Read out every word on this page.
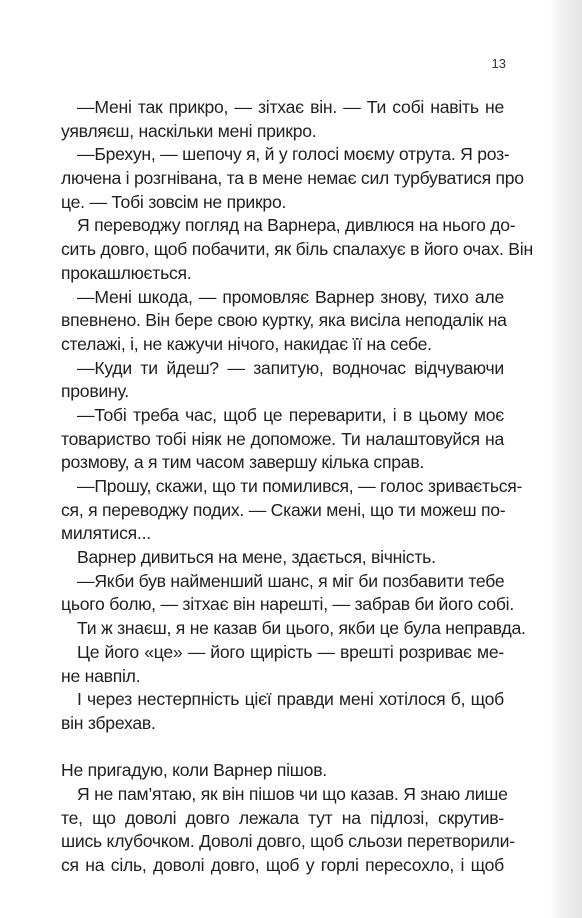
13
—Мені так прикро, — зітхає він. — Ти собі навіть не
уявляєш, наскільки мені прикро.
—Брехун, — шепочу я, й у голосі моєму отрута. Я роз-
лючена і розгнівана, та в мене немає сил турбуватися про
це. — Тобі зовсім не прикро.
Я переводжу погляд на Варнера, дивлюся на нього до-
сить довго, щоб побачити, як біль спалахує в його очах. Він
прокашлюється.
—Мені шкода, — промовляє Варнер знову, тихо але
впевнено. Він бере свою куртку, яка висіла неподалік на
стелажі, і, не кажучи нічого, накидає її на себе.
—Куди ти йдеш? — запитую, водночас відчуваючи
провину.
—Тобі треба час, щоб це переварити, і в цьому моє
товариство тобі ніяк не допоможе. Ти налаштовуйся на
розмову, а я тим часом завершу кілька справ.
—Прошу, скажи, що ти помилився, — голос зривається-
ся, я переводжу подих. — Скажи мені, що ти можеш по-
милятися...
Варнер дивиться на мене, здається, вічність.
—Якби був найменший шанс, я міг би позбавити тебе
цього болю, — зітхає він нарешті, — забрав би його собі.
Ти ж знаєш, я не казав би цього, якби це була неправда.
Це його «це» — його щирість — врешті розриває ме-
не навпіл.
І через нестерпність цієї правди мені хотілося б, щоб
він збрехав.
Не пригадую, коли Варнер пішов.
Я не пам’ятаю, як він пішов чи що казав. Я знаю лише
те, що доволі довго лежала тут на підлозі, скрутив-
шись клубочком. Доволі довго, щоб сльози перетворили-
ся на сіль, доволі довго, щоб у горлі пересохло, і щоб
